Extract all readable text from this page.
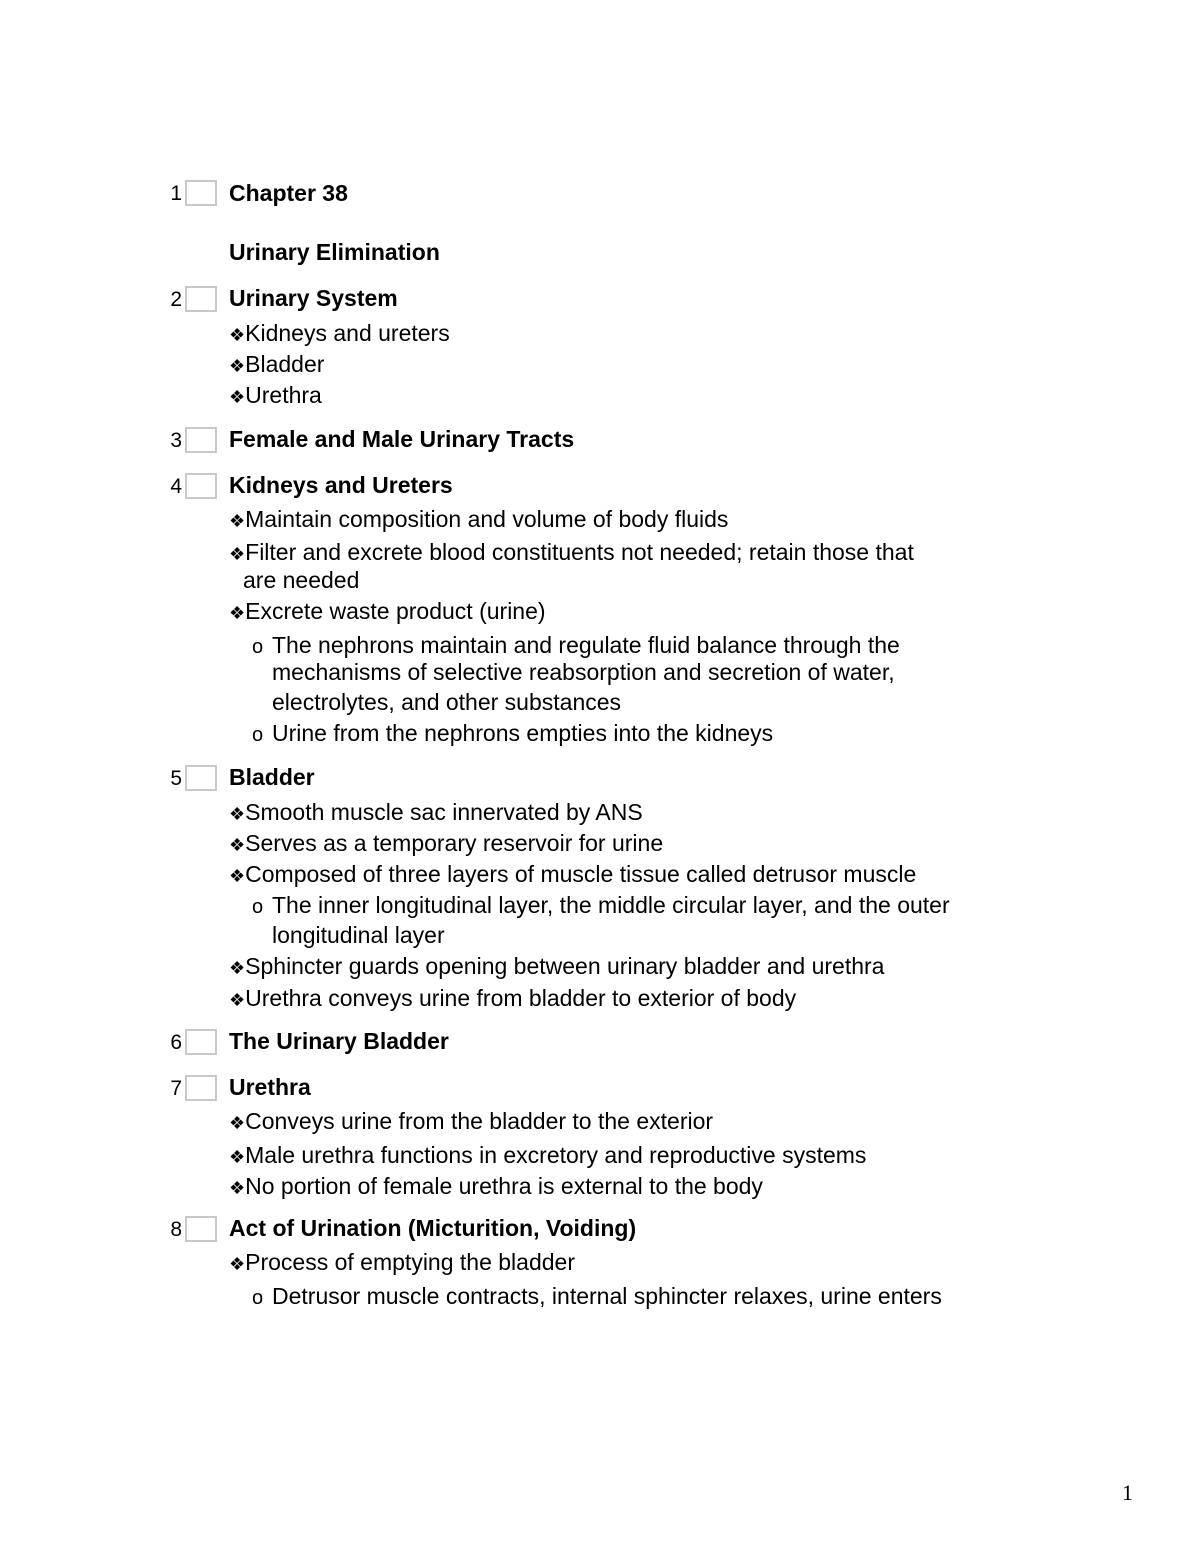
1 Chapter 38
Urinary Elimination
2 Urinary System
❖Kidneys and ureters
❖Bladder
❖Urethra
3 Female and Male Urinary Tracts
4 Kidneys and Ureters
❖Maintain composition and volume of body fluids
❖Filter and excrete blood constituents not needed; retain those that
are needed
❖Excrete waste product (urine)
o The nephrons maintain and regulate fluid balance through the
mechanisms of selective reabsorption and secretion of water,
electrolytes, and other substances
o Urine from the nephrons empties into the kidneys
5 Bladder
❖Smooth muscle sac innervated by ANS
❖Serves as a temporary reservoir for urine
❖Composed of three layers of muscle tissue called detrusor muscle
o The inner longitudinal layer, the middle circular layer, and the outer
longitudinal layer
❖Sphincter guards opening between urinary bladder and urethra
❖Urethra conveys urine from bladder to exterior of body
6 The Urinary Bladder
7 Urethra
❖Conveys urine from the bladder to the exterior
❖Male urethra functions in excretory and reproductive systems
❖No portion of female urethra is external to the body
8 Act of Urination (Micturition, Voiding)
❖Process of emptying the bladder
o Detrusor muscle contracts, internal sphincter relaxes, urine enters
1
